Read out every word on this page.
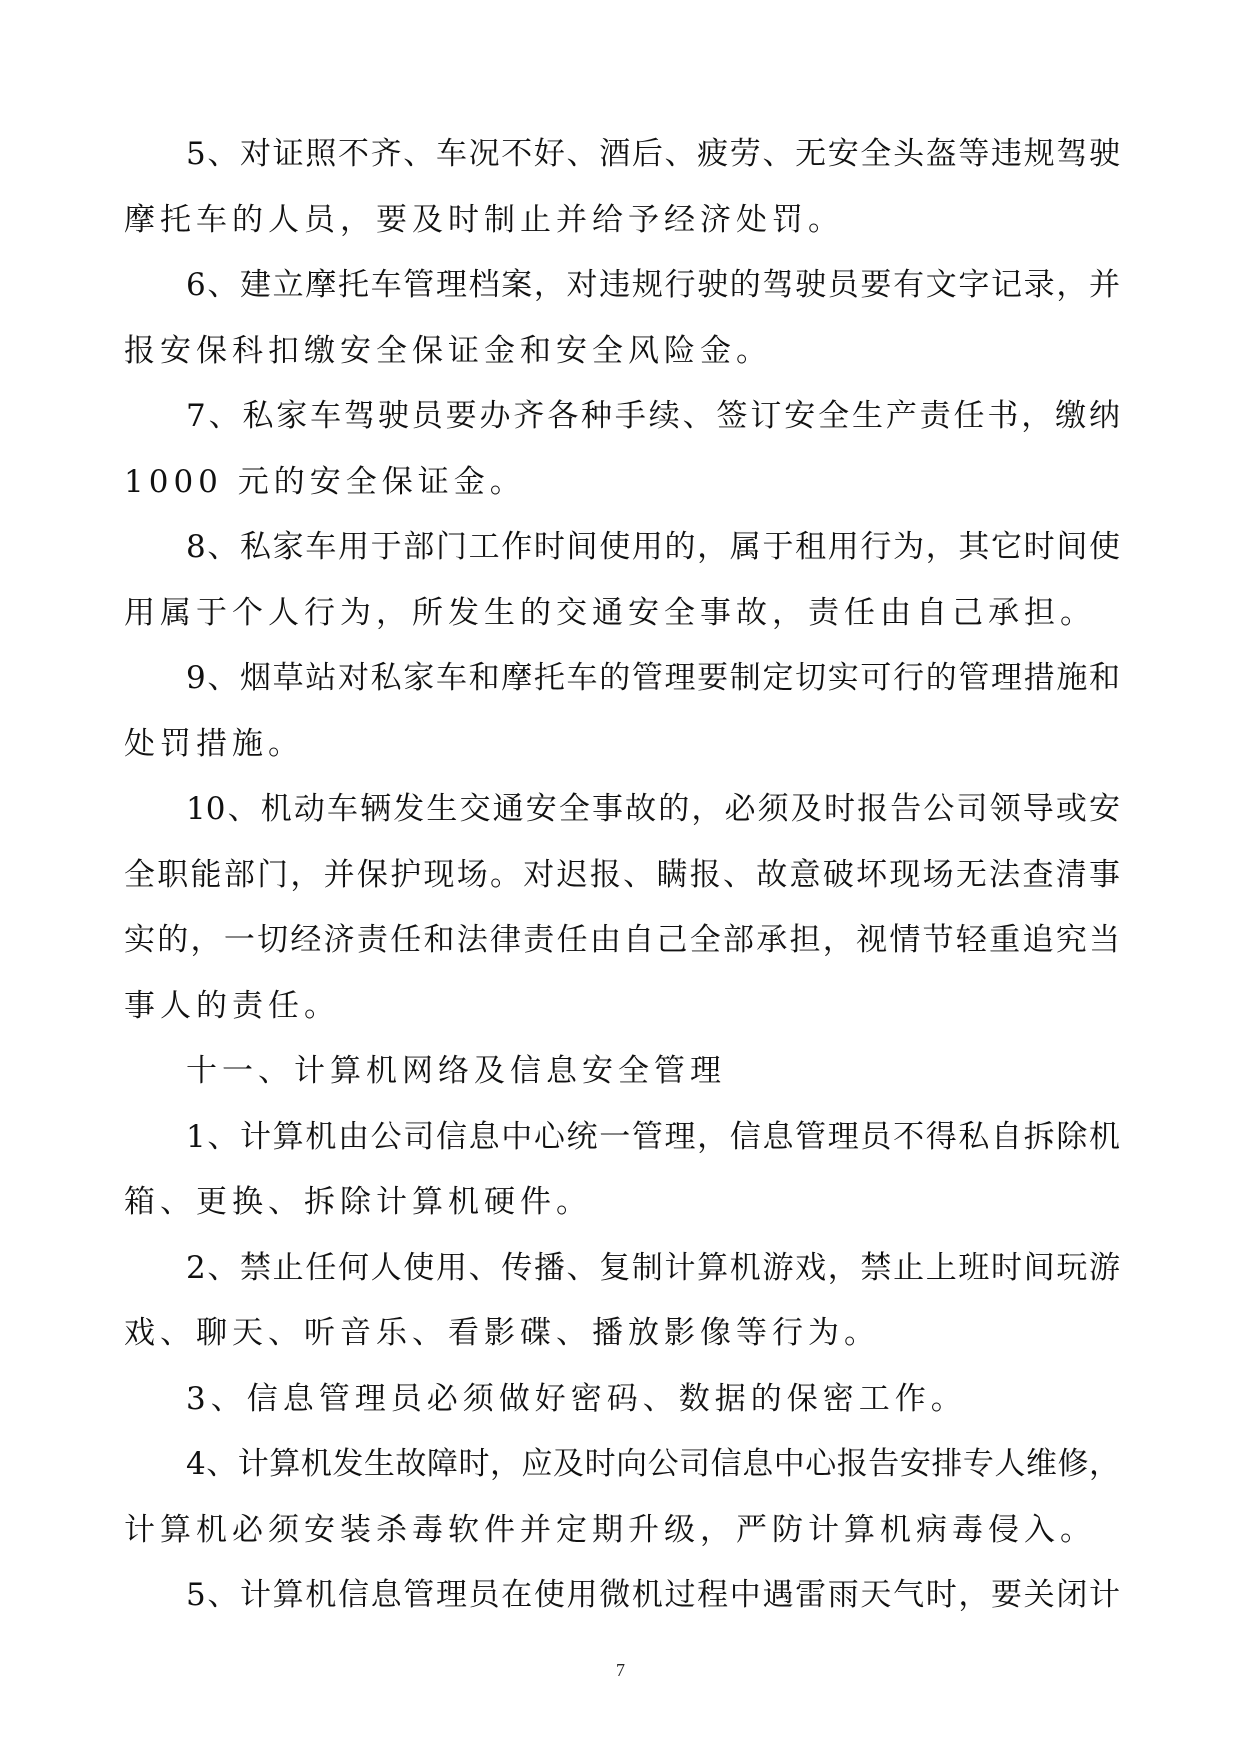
5、对证照不齐、车况不好、酒后、疲劳、无安全头盔等违规驾驶
摩托车的人员，要及时制止并给予经济处罚。
6、建立摩托车管理档案，对违规行驶的驾驶员要有文字记录，并
报安保科扣缴安全保证金和安全风险金。
7、私家车驾驶员要办齐各种手续、签订安全生产责任书，缴纳
1000 元的安全保证金。
8、私家车用于部门工作时间使用的，属于租用行为，其它时间使
用属于个人行为，所发生的交通安全事故，责任由自己承担。
9、烟草站对私家车和摩托车的管理要制定切实可行的管理措施和
处罚措施。
10、机动车辆发生交通安全事故的，必须及时报告公司领导或安
全职能部门，并保护现场。对迟报、瞒报、故意破坏现场无法查清事
实的，一切经济责任和法律责任由自己全部承担，视情节轻重追究当
事人的责任。
十一、计算机网络及信息安全管理
1、计算机由公司信息中心统一管理，信息管理员不得私自拆除机
箱、更换、拆除计算机硬件。
2、禁止任何人使用、传播、复制计算机游戏，禁止上班时间玩游
戏、聊天、听音乐、看影碟、播放影像等行为。
3、信息管理员必须做好密码、数据的保密工作。
4、计算机发生故障时，应及时向公司信息中心报告安排专人维修，
计算机必须安装杀毒软件并定期升级，严防计算机病毒侵入。
5、计算机信息管理员在使用微机过程中遇雷雨天气时，要关闭计
7
